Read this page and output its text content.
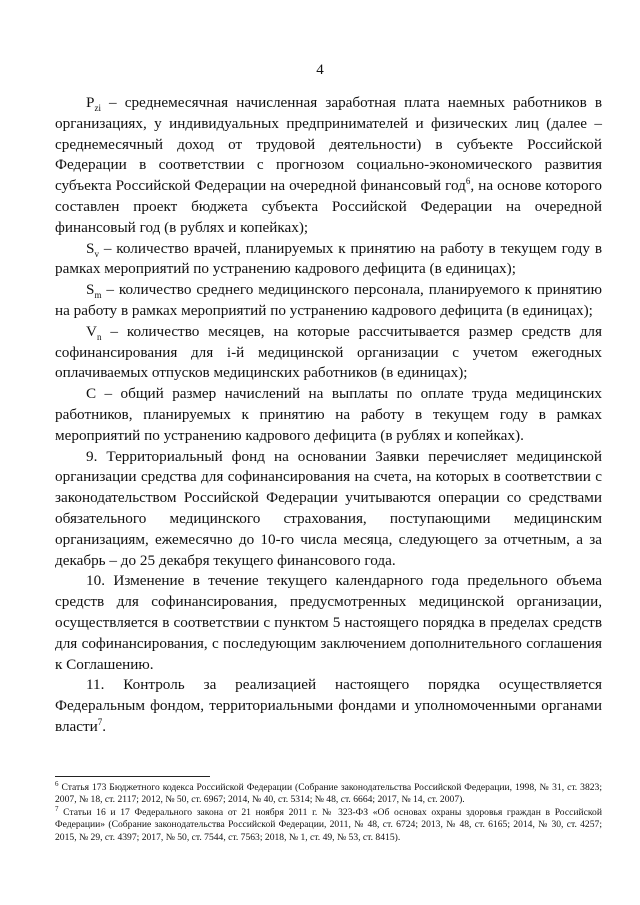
4

$P_{zi}$ – среднемесячная начисленная заработная плата наемных работников в организациях, у индивидуальных предпринимателей и физических лиц (далее – среднемесячный доход от трудовой деятельности) в субъекте Российской Федерации в соответствии с прогнозом социально-экономического развития субъекта Российской Федерации на очередной финансовый год$^6$, на основе которого составлен проект бюджета субъекта Российской Федерации на очередной финансовый год (в рублях и копейках);

$S_v$ – количество врачей, планируемых к принятию на работу в текущем году в рамках мероприятий по устранению кадрового дефицита (в единицах);

$S_m$ – количество среднего медицинского персонала, планируемого к принятию на работу в рамках мероприятий по устранению кадрового дефицита (в единицах);

$V_n$ – количество месяцев, на которые рассчитывается размер средств для софинансирования для i-й медицинской организации с учетом ежегодных оплачиваемых отпусков медицинских работников (в единицах);

C – общий размер начислений на выплаты по оплате труда медицинских работников, планируемых к принятию на работу в текущем году в рамках мероприятий по устранению кадрового дефицита (в рублях и копейках).

9. Территориальный фонд на основании Заявки перечисляет медицинской организации средства для софинансирования на счета, на которых в соответствии с законодательством Российской Федерации учитываются операции со средствами обязательного медицинского страхования, поступающими медицинским организациям, ежемесячно до 10-го числа месяца, следующего за отчетным, а за декабрь – до 25 декабря текущего финансового года.

10. Изменение в течение текущего календарного года предельного объема средств для софинансирования, предусмотренных медицинской организации, осуществляется в соответствии с пунктом 5 настоящего порядка в пределах средств для софинансирования, с последующим заключением дополнительного соглашения к Соглашению.

11. Контроль за реализацией настоящего порядка осуществляется Федеральным фондом, территориальными фондами и уполномоченными органами власти$^7$.

$^6$ Статья 173 Бюджетного кодекса Российской Федерации (Собрание законодательства Российской Федерации, 1998, № 31, ст. 3823; 2007, № 18, ст. 2117; 2012, № 50, ст. 6967; 2014, № 40, ст. 5314; № 48, ст. 6664; 2017, № 14, ст. 2007).

$^7$ Статьи 16 и 17 Федерального закона от 21 ноября 2011 г. № 323-ФЗ «Об основах охраны здоровья граждан в Российской Федерации» (Собрание законодательства Российской Федерации, 2011, № 48, ст. 6724; 2013, № 48, ст. 6165; 2014, № 30, ст. 4257; 2015, № 29, ст. 4397; 2017, № 50, ст. 7544, ст. 7563; 2018, № 1, ст. 49, № 53, ст. 8415).
